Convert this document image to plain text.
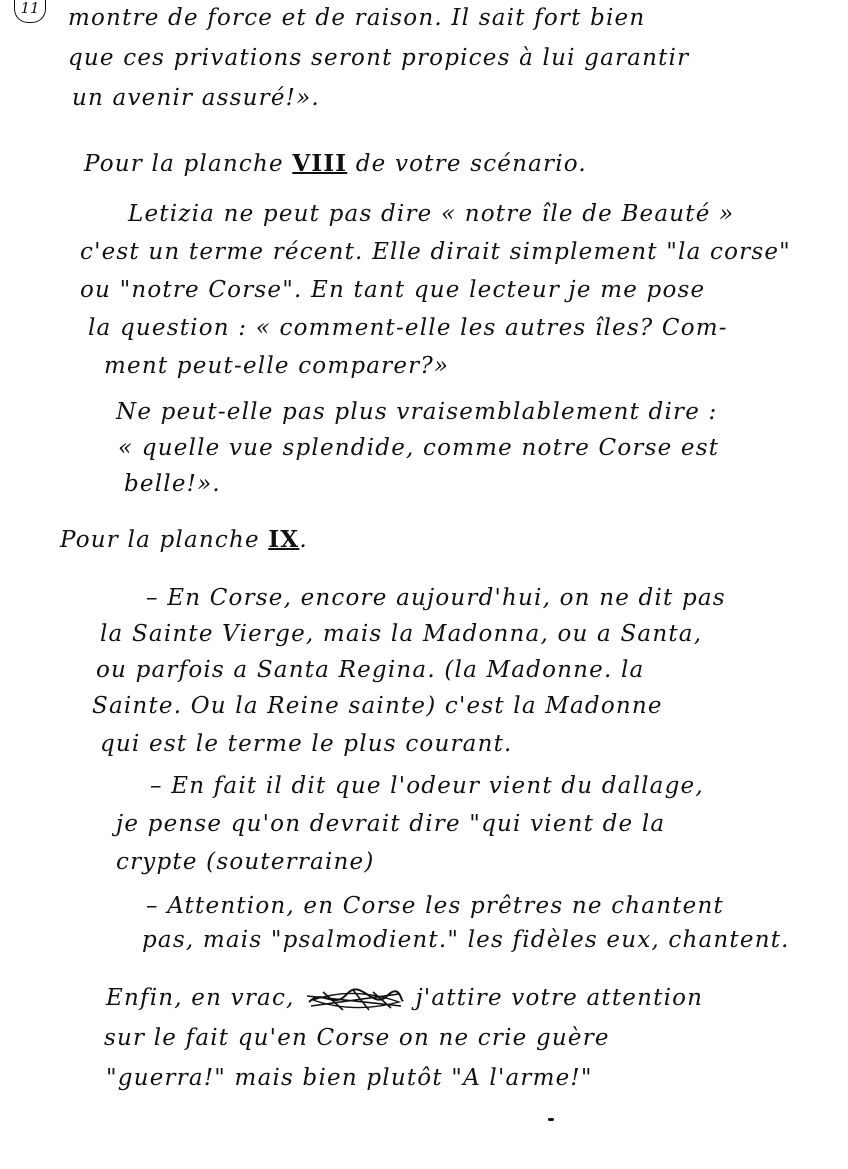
11 montre de force et de raison. Il sait fort bien
que ces privations seront propices à lui garantir
un avenir assuré!».
Pour la planche VIII de votre scénario.
Letizia ne peut pas dire « notre île de Beauté »
c'est un terme récent. Elle dirait simplement "la corse"
ou "notre Corse". En tant que lecteur je me pose
la question : « comment-elle les autres îles? Com-
ment peut-elle comparer?»
Ne peut-elle pas plus vraisemblablement dire :
« quelle vue splendide, comme notre Corse est
belle!».
Pour la planche IX.
– En Corse, encore aujourd'hui, on ne dit pas
la Sainte Vierge, mais la Madonna, ou a Santa,
ou parfois a Santa Regina. (la Madonne. la
Sainte. Ou la Reine sainte) c'est la Madonne
qui est le terme le plus courant.
– En fait il dit que l'odeur vient du dallage,
je pense qu'on devrait dire "qui vient de la
crypte (souterraine)
– Attention, en Corse les prêtres ne chantent
pas, mais "psalmodient." les fidèles eux, chantent.
Enfin, en vrac,	j'attire votre attention
sur le fait qu'en Corse on ne crie guère
"guerra!" mais bien plutôt "A l'arme!"
